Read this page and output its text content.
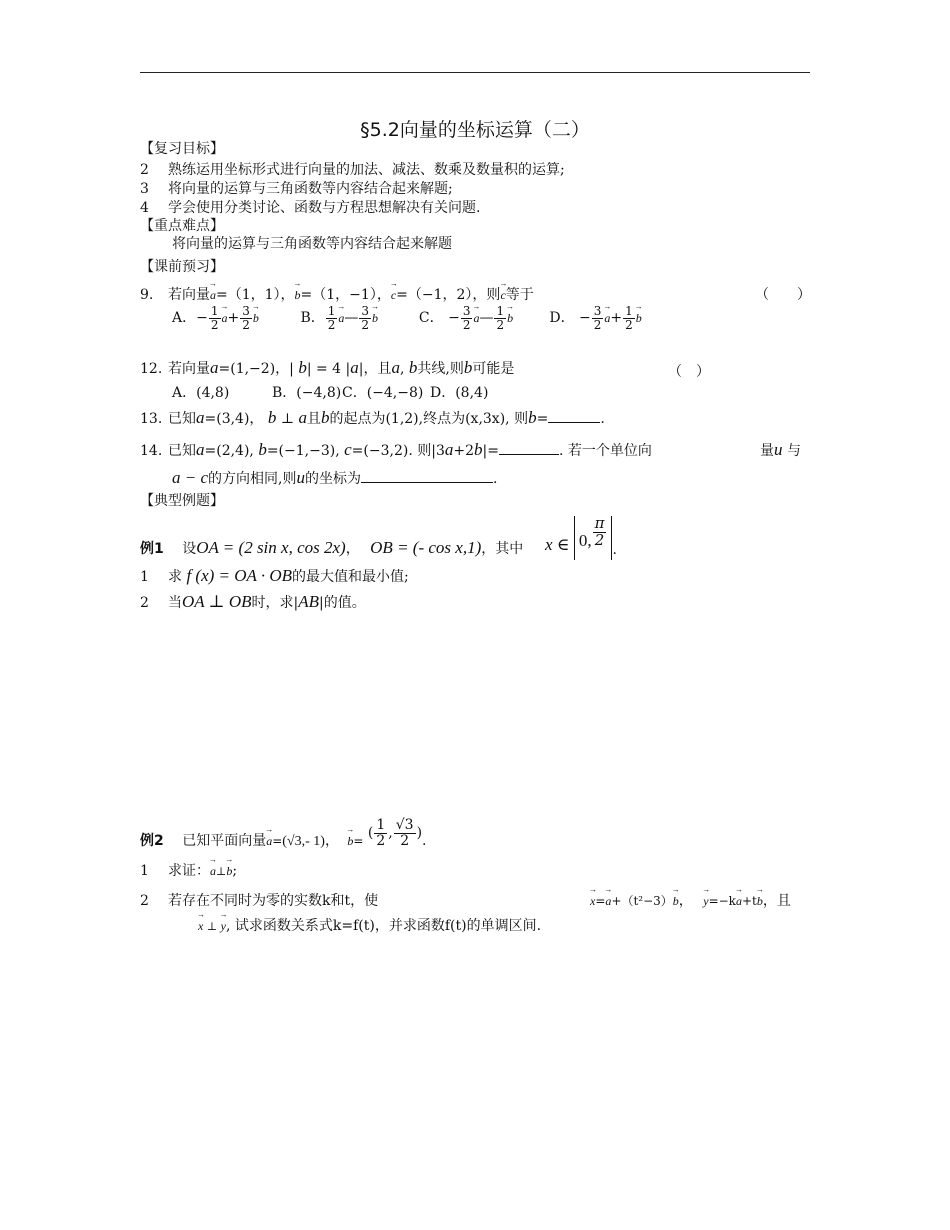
§5.2向量的坐标运算（二）
【复习目标】
2 熟练运用坐标形式进行向量的加法、减法、数乘及数量积的运算;
3 将向量的运算与三角函数等内容结合起来解题;
4 学会使用分类讨论、函数与方程思想解决有关问题.
【重点难点】
将向量的运算与三角函数等内容结合起来解题
【课前预习】
9. 若向量→ a=（1，1），→ b=（1，−1），→ c=（−1，2），则→ c等于	（　　）
A．− $\frac{1}{2}$
→ $a+ \frac{3}{2}$
→ b	B． $\frac{1}{2}$
→ a— $\frac{3}{2}$
→ b	C． − $\frac{3}{2}$
→ a— $\frac{1}{2}$
→ b	D． − $\frac{3}{2}$
→ $a+ \frac{1}{2}$
→ b
12. 若向量a=(1,−2)，| b| = 4 |a|，且a, b共线,则b可能是	（　）
A．(4,8)	B．(−4,8)C．(−4,−8) D．(8,4)
13. 已知a=(3,4)， b ⊥ a且b的起点为(1,2),终点为(x,3x), 则b=	.
14. 已知a=(2,4), b=(−1,−3), c=(−3,2). 则|3a+2b|=	. 若一个单位向	量u 与
a − c的方向相同,则u的坐标为	.
【典型例题】
例1 设OA = (2 sin x, cos 2x)， OB = (- cos x,1)，其中 x ∈ 0, $\frac{\pi}{2}$
.
1 求 f (x) = OA · OB的最大值和最小值;
2 当OA ⊥ OB时，求|AB|的值。
例2 已知平面向量→ a=(√3,- 1)， → b= ( $\frac{1}{2}$ , $\frac{√3}{2}$ ).
1 求证：→ a⊥→ b;
2 若存在不同时为零的实数k和t，使
→	x=→ a+（t²−3）→ b， → y=−k→ a+t→ b，且
→ x ⊥ → y, 试求函数关系式k=f(t)，并求函数f(t)的单调区间.
